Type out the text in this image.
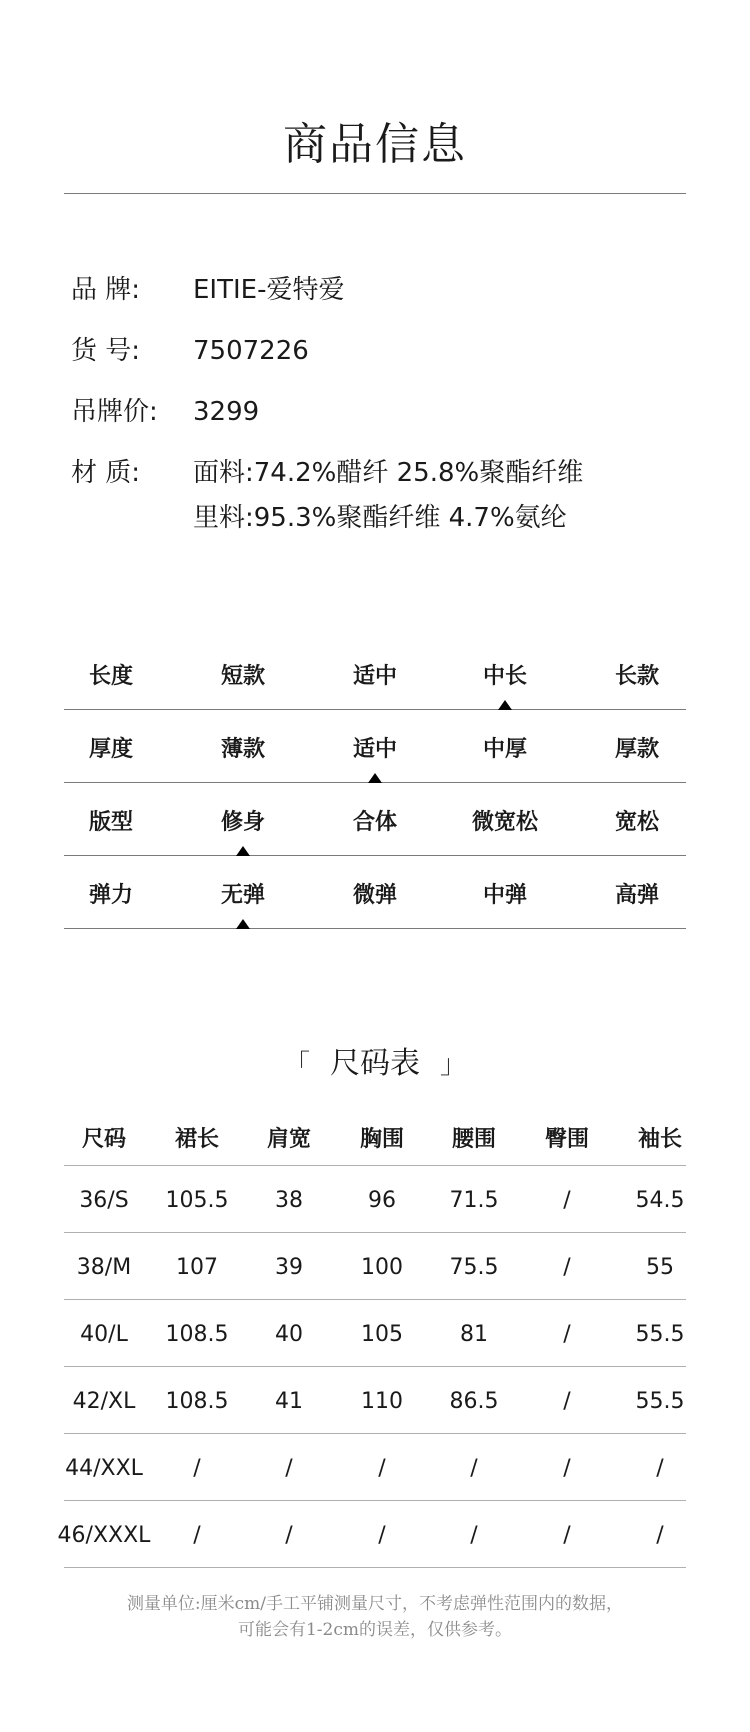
商品信息
品 牌:	EITIE-爱特爱
货 号:	7507226
吊牌价:	3299
材 质:	面料:74.2%醋纤 25.8%聚酯纤维
里料:95.3%聚酯纤维 4.7%氨纶
长度	短款	适中	中长	长款
厚度	薄款	适中	中厚	厚款
版型	修身	合体	微宽松	宽松
弹力	无弹	微弹	中弹	高弹
「 尺码表 」
尺码	裙长	肩宽	胸围	腰围	臀围	袖长
36/S	105.5	38	96	71.5	/	54.5
38/M	107	39	100	75.5	/	55
40/L	108.5	40	105	81	/	55.5
42/XL	108.5	41	110	86.5	/	55.5
44/XXL	/	/	/	/	/	/
46/XXXL	/	/	/	/	/	/
测量单位:厘米cm/手工平铺测量尺寸，不考虑弹性范围内的数据，
可能会有1-2cm的误差，仅供参考。
